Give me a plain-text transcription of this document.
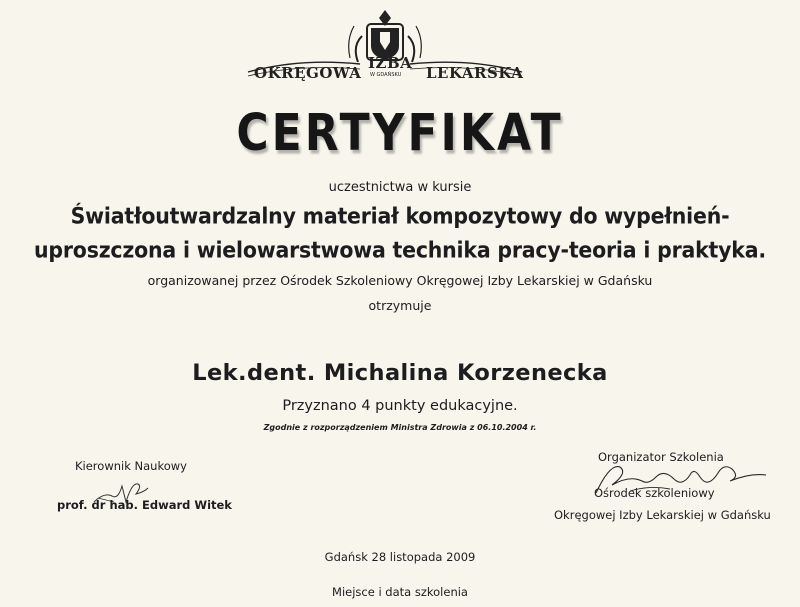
OKRĘGOWA
IZBA
LEKARSKA
W GDAŃSKU
CERTYFIKAT
uczestnictwa w kursie
Światłoutwardzalny materiał kompozytowy do wypełnień-
uproszczona i wielowarstwowa technika pracy-teoria i praktyka.
organizowanej przez Ośrodek Szkoleniowy Okręgowej Izby Lekarskiej w Gdańsku
otrzymuje
Lek.dent. Michalina Korzenecka
Przyznano 4 punkty edukacyjne.
Zgodnie z rozporządzeniem Ministra Zdrowia z 06.10.2004 r.
Kierownik Naukowy
prof. dr hab. Edward Witek
Organizator Szkolenia
Ośrodek szkoleniowy
Okręgowej Izby Lekarskiej w Gdańsku
Gdańsk 28 listopada 2009
Miejsce i data szkolenia
